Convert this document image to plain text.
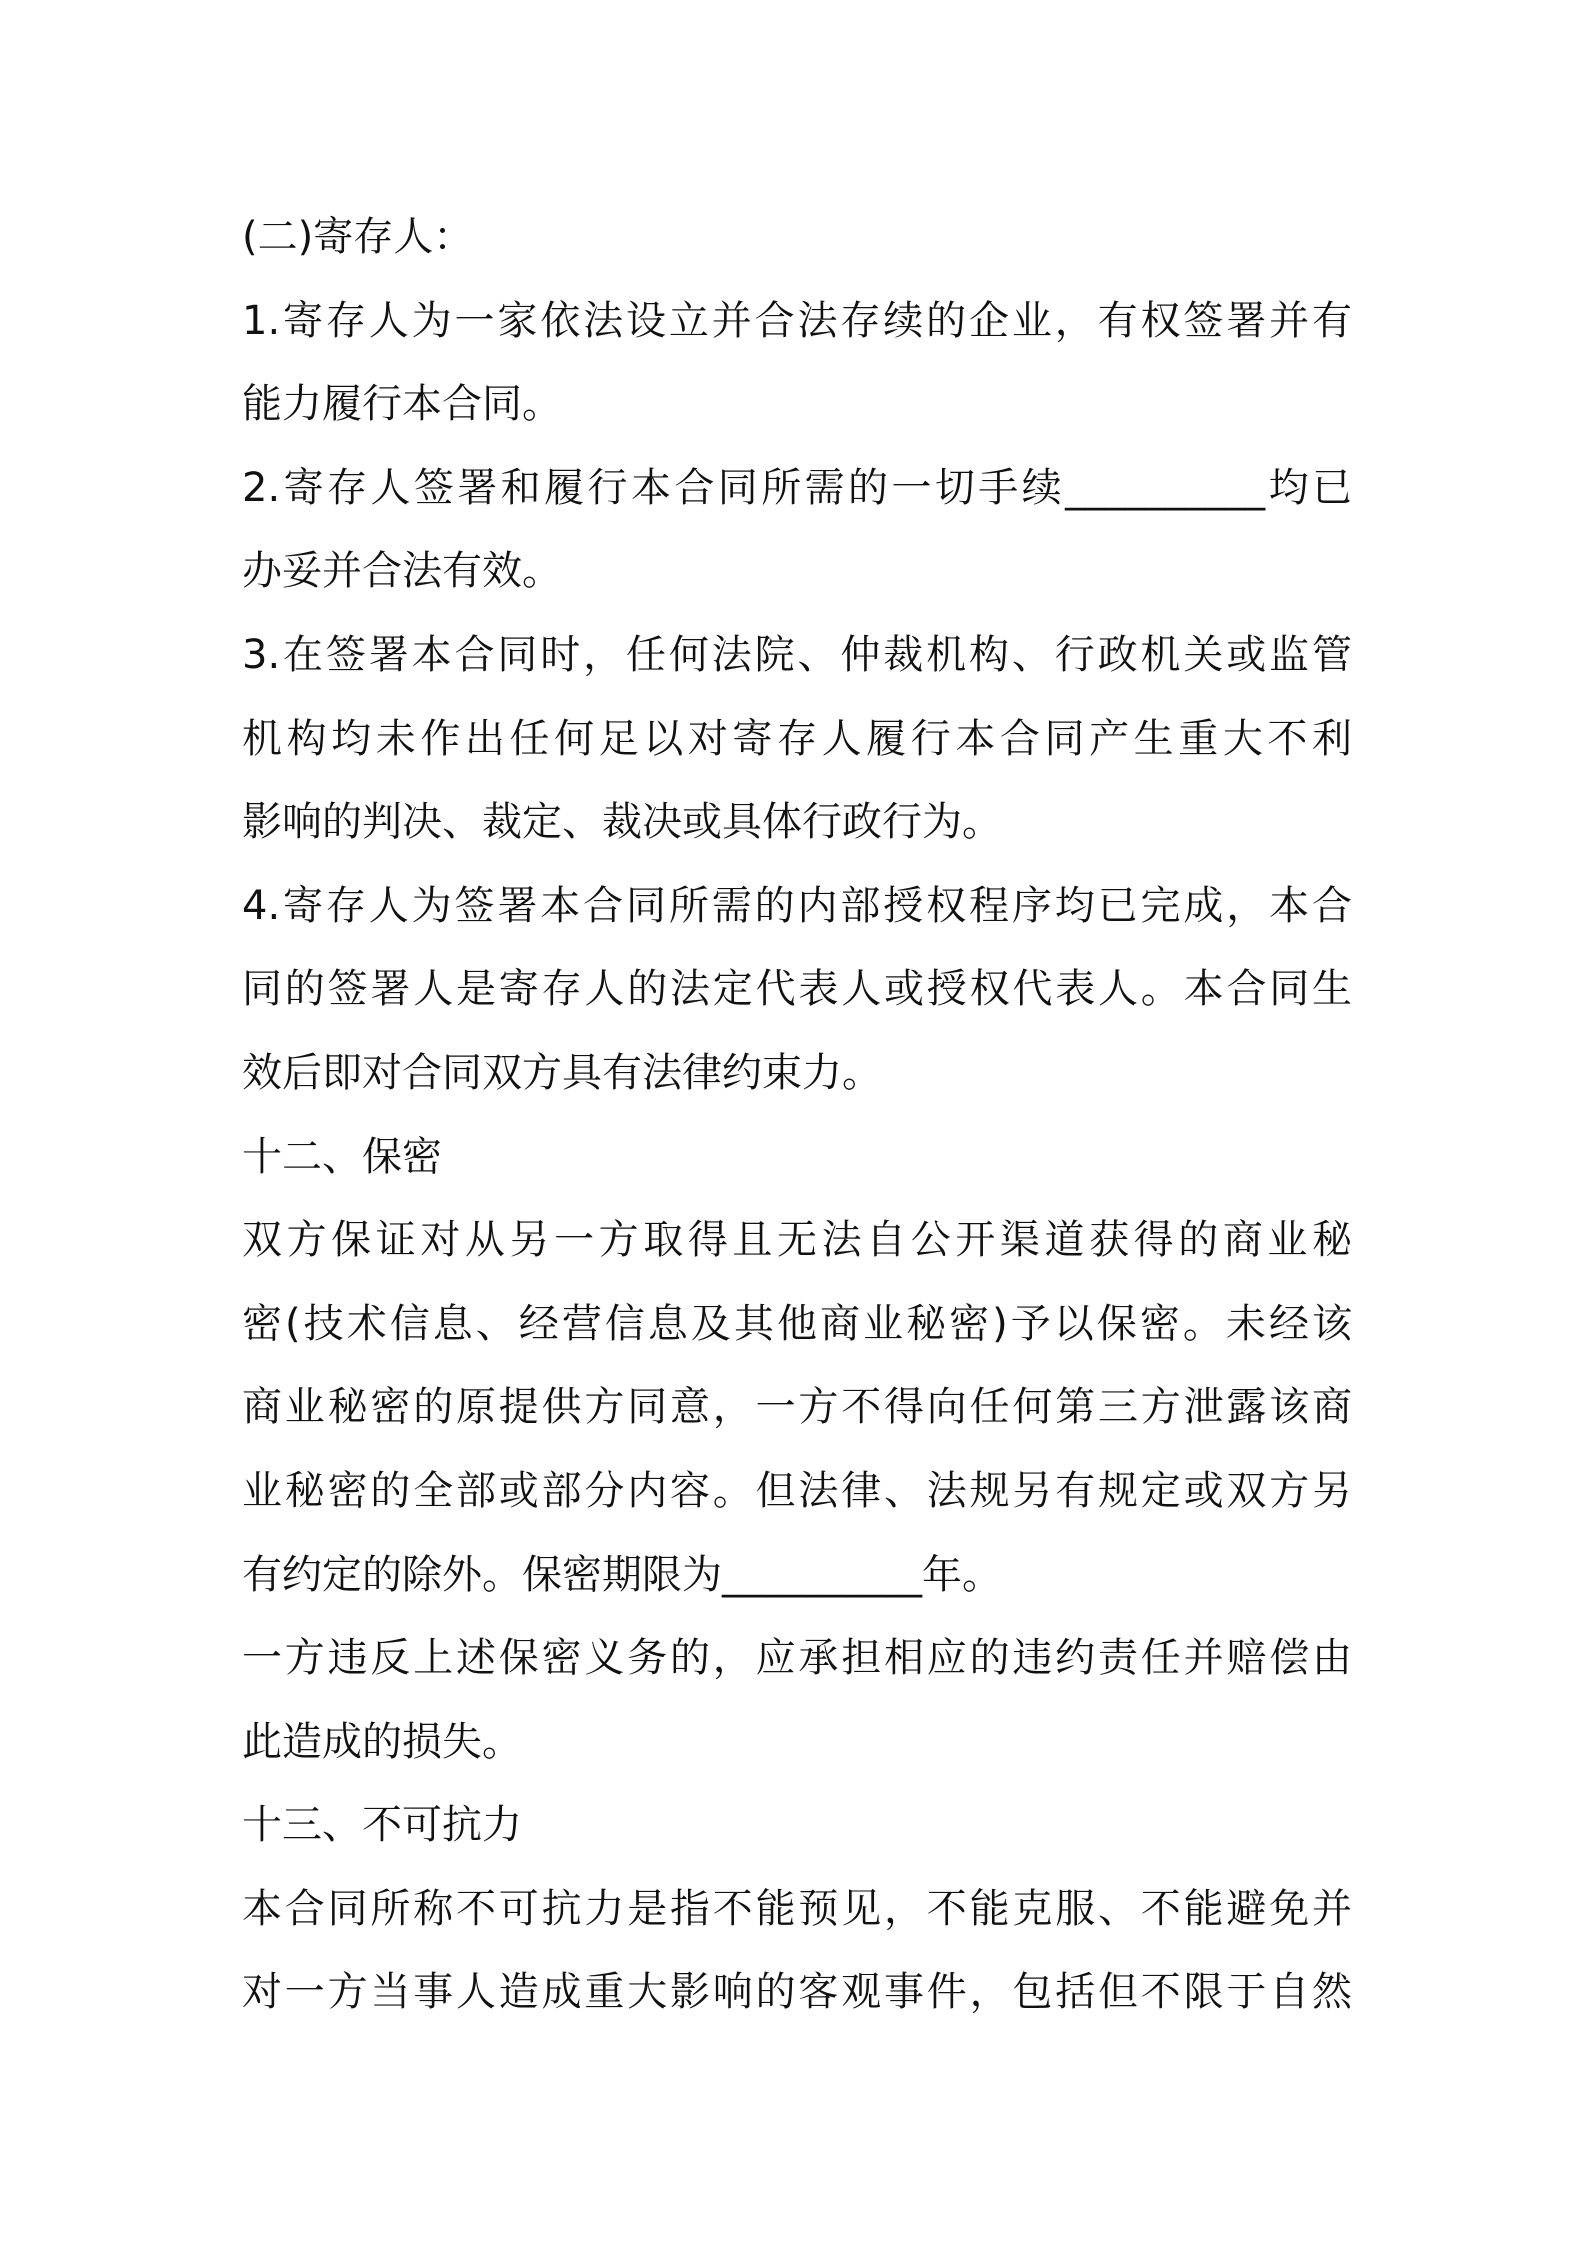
(二)寄存人：
1.寄存人为一家依法设立并合法存续的企业，有权签署并有
能力履行本合同。
2.寄存人签署和履行本合同所需的一切手续__________均已
办妥并合法有效。
3.在签署本合同时，任何法院、仲裁机构、行政机关或监管
机构均未作出任何足以对寄存人履行本合同产生重大不利
影响的判决、裁定、裁决或具体行政行为。
4.寄存人为签署本合同所需的内部授权程序均已完成，本合
同的签署人是寄存人的法定代表人或授权代表人。本合同生
效后即对合同双方具有法律约束力。
十二、保密
双方保证对从另一方取得且无法自公开渠道获得的商业秘
密(技术信息、经营信息及其他商业秘密)予以保密。未经该
商业秘密的原提供方同意，一方不得向任何第三方泄露该商
业秘密的全部或部分内容。但法律、法规另有规定或双方另
有约定的除外。保密期限为__________年。
一方违反上述保密义务的，应承担相应的违约责任并赔偿由
此造成的损失。
十三、不可抗力
本合同所称不可抗力是指不能预见，不能克服、不能避免并
对一方当事人造成重大影响的客观事件，包括但不限于自然
